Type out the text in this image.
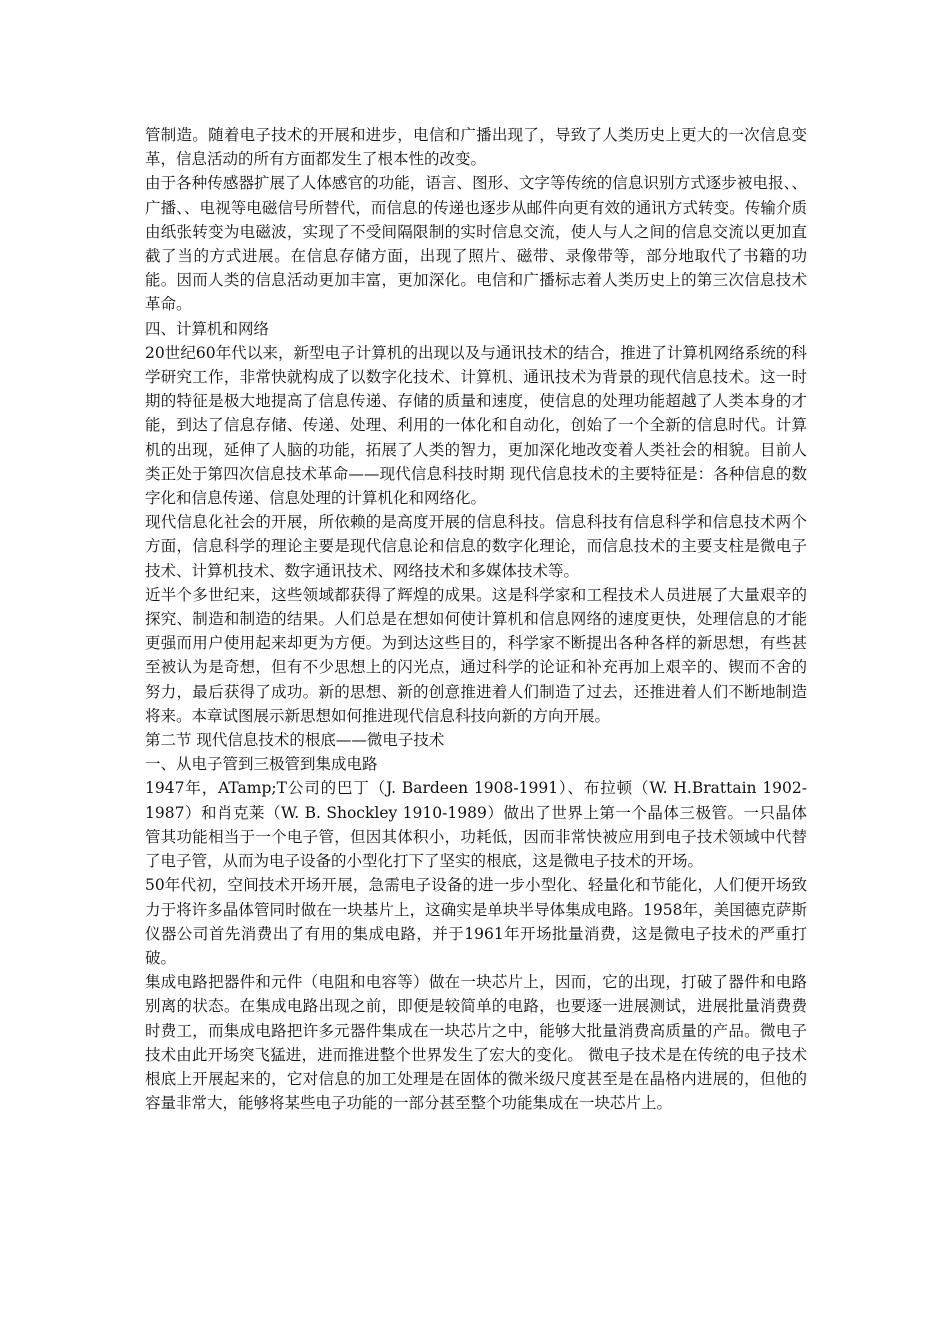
管制造。随着电子技术的开展和进步，电信和广播出现了，导致了人类历史上更大的一次信息变革，信息活动的所有方面都发生了根本性的改变。

由于各种传感器扩展了人体感官的功能，语言、图形、文字等传统的信息识别方式逐步被电报、、广播、、电视等电磁信号所替代，而信息的传递也逐步从邮件向更有效的通讯方式转变。传输介质由纸张转变为电磁波，实现了不受间隔限制的实时信息交流，使人与人之间的信息交流以更加直截了当的方式进展。在信息存储方面，出现了照片、磁带、录像带等，部分地取代了书籍的功能。因而人类的信息活动更加丰富，更加深化。电信和广播标志着人类历史上的第三次信息技术革命。

四、计算机和网络

20世纪60年代以来，新型电子计算机的出现以及与通讯技术的结合，推进了计算机网络系统的科学研究工作，非常快就构成了以数字化技术、计算机、通讯技术为背景的现代信息技术。这一时期的特征是极大地提高了信息传递、存储的质量和速度，使信息的处理功能超越了人类本身的才能，到达了信息存储、传递、处理、利用的一体化和自动化，创始了一个全新的信息时代。计算机的出现，延伸了人脑的功能，拓展了人类的智力，更加深化地改变着人类社会的相貌。目前人类正处于第四次信息技术革命——现代信息科技时期 现代信息技术的主要特征是：各种信息的数字化和信息传递、信息处理的计算机化和网络化。

现代信息化社会的开展，所依赖的是高度开展的信息科技。信息科技有信息科学和信息技术两个方面，信息科学的理论主要是现代信息论和信息的数字化理论，而信息技术的主要支柱是微电子技术、计算机技术、数字通讯技术、网络技术和多媒体技术等。

近半个多世纪来，这些领域都获得了辉煌的成果。这是科学家和工程技术人员进展了大量艰辛的探究、制造和制造的结果。人们总是在想如何使计算机和信息网络的速度更快，处理信息的才能更强而用户使用起来却更为方便。为到达这些目的，科学家不断提出各种各样的新思想，有些甚至被认为是奇想，但有不少思想上的闪光点，通过科学的论证和补充再加上艰辛的、锲而不舍的努力，最后获得了成功。新的思想、新的创意推进着人们制造了过去，还推进着人们不断地制造将来。本章试图展示新思想如何推进现代信息科技向新的方向开展。

第二节 现代信息技术的根底——微电子技术

一、从电子管到三极管到集成电路

1947年，ATamp;T公司的巴丁（J. Bardeen 1908-1991）、布拉顿（W. H.Brattain 1902-1987）和肖克莱（W. B. Shockley 1910-1989）做出了世界上第一个晶体三极管。一只晶体管其功能相当于一个电子管，但因其体积小，功耗低，因而非常快被应用到电子技术领域中代替了电子管，从而为电子设备的小型化打下了坚实的根底，这是微电子技术的开场。

50年代初，空间技术开场开展，急需电子设备的进一步小型化、轻量化和节能化，人们便开场致力于将许多晶体管同时做在一块基片上，这确实是单块半导体集成电路。1958年，美国德克萨斯仪器公司首先消费出了有用的集成电路，并于1961年开场批量消费，这是微电子技术的严重打破。

集成电路把器件和元件（电阻和电容等）做在一块芯片上，因而，它的出现，打破了器件和电路别离的状态。在集成电路出现之前，即便是较简单的电路，也要逐一进展测试，进展批量消费费时费工，而集成电路把许多元器件集成在一块芯片之中，能够大批量消费高质量的产品。微电子技术由此开场突飞猛进，进而推进整个世界发生了宏大的变化。 微电子技术是在传统的电子技术根底上开展起来的，它对信息的加工处理是在固体的微米级尺度甚至是在晶格内进展的，但他的容量非常大，能够将某些电子功能的一部分甚至整个功能集成在一块芯片上。
